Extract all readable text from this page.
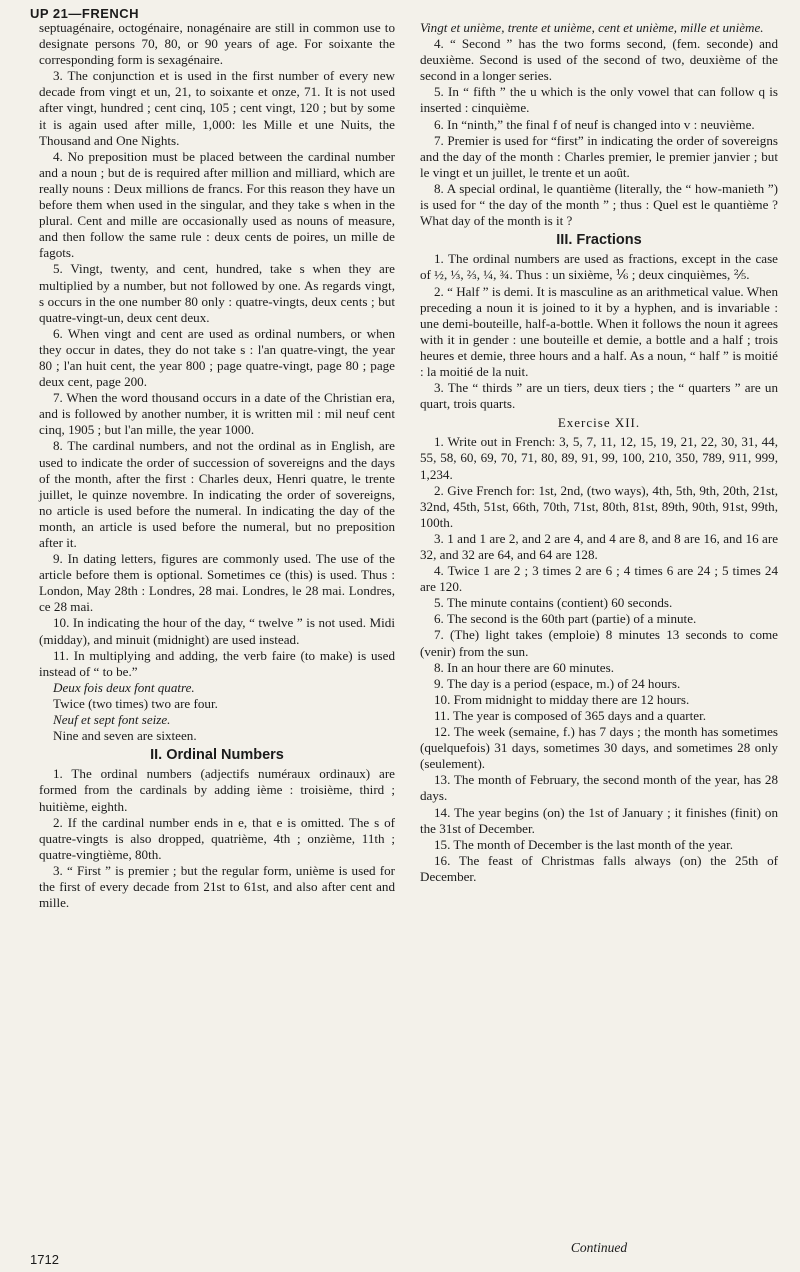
UP 21—FRENCH

septuagénaire, octogénaire, nonagénaire are still in common use to designate persons 70, 80, or 90 years of age. For soixante the corresponding form is sexagénaire.

3. The conjunction et is used in the first number of every new decade from vingt et un, 21, to soixante et onze, 71. It is not used after vingt, hundred ; cent cinq, 105 ; cent vingt, 120 ; but by some it is again used after mille, 1,000: les Mille et une Nuits, the Thousand and One Nights.

4. No preposition must be placed between the cardinal number and a noun ; but de is required after million and milliard, which are really nouns : Deux millions de francs. For this reason they have un before them when used in the singular, and they take s when in the plural. Cent and mille are occasionally used as nouns of measure, and then follow the same rule : deux cents de poires, un mille de fagots.

5. Vingt, twenty, and cent, hundred, take s when they are multiplied by a number, but not followed by one. As regards vingt, s occurs in the one number 80 only : quatre-vingts, deux cents ; but quatre-vingt-un, deux cent deux.

6. When vingt and cent are used as ordinal numbers, or when they occur in dates, they do not take s : l'an quatre-vingt, the year 80 ; l'an huit cent, the year 800 ; page quatre-vingt, page 80 ; page deux cent, page 200.

7. When the word thousand occurs in a date of the Christian era, and is followed by another number, it is written mil : mil neuf cent cinq, 1905 ; but l'an mille, the year 1000.

8. The cardinal numbers, and not the ordinal as in English, are used to indicate the order of succession of sovereigns and the days of the month, after the first : Charles deux, Henri quatre, le trente juillet, le quinze novembre. In indicating the order of sovereigns, no article is used before the numeral. In indicating the day of the month, an article is used before the numeral, but no preposition after it.

9. In dating letters, figures are commonly used. The use of the article before them is optional. Sometimes ce (this) is used. Thus : London, May 28th : Londres, 28 mai. Londres, le 28 mai. Londres, ce 28 mai.

10. In indicating the hour of the day, “ twelve ” is not used. Midi (midday), and minuit (midnight) are used instead.

11. In multiplying and adding, the verb faire (to make) is used instead of “ to be.”

Deux fois deux font quatre.

Twice (two times) two are four.

Neuf et sept font seize.

Nine and seven are sixteen.

II. Ordinal Numbers

1. The ordinal numbers (adjectifs numéraux ordinaux) are formed from the cardinals by adding ième : troisième, third ; huitième, eighth.

2. If the cardinal number ends in e, that e is omitted. The s of quatre-vingts is also dropped, quatrième, 4th ; onzième, 11th ; quatre-vingtième, 80th.

3. “ First ” is premier ; but the regular form, unième is used for the first of every decade from 21st to 61st, and also after cent and mille.

Vingt et unième, trente et unième, cent et unième, mille et unième.

4. “ Second ” has the two forms second, (fem. seconde) and deuxième. Second is used of the second of two, deuxième of the second in a longer series.

5. In “ fifth ” the u which is the only vowel that can follow q is inserted : cinquième.

6. In “ninth,” the final f of neuf is changed into v : neuvième.

7. Premier is used for “first” in indicating the order of sovereigns and the day of the month : Charles premier, le premier janvier ; but le vingt et un juillet, le trente et un août.

8. A special ordinal, le quantième (literally, the “ how-manieth ”) is used for “ the day of the month ” ; thus : Quel est le quantième ? What day of the month is it ?

III. Fractions

1. The ordinal numbers are used as fractions, except in the case of ½, ⅓, ⅔, ¼, ¾. Thus : un sixième, ⅙ ; deux cinquièmes, ⅖.

2. “ Half ” is demi. It is masculine as an arithmetical value. When preceding a noun it is joined to it by a hyphen, and is invariable : une demi-bouteille, half-a-bottle. When it follows the noun it agrees with it in gender : une bouteille et demie, a bottle and a half ; trois heures et demie, three hours and a half. As a noun, “ half ” is moitié : la moitié de la nuit.

3. The “ thirds ” are un tiers, deux tiers ; the “ quarters ” are un quart, trois quarts.

Exercise XII.

1. Write out in French: 3, 5, 7, 11, 12, 15, 19, 21, 22, 30, 31, 44, 55, 58, 60, 69, 70, 71, 80, 89, 91, 99, 100, 210, 350, 789, 911, 999, 1,234.

2. Give French for: 1st, 2nd, (two ways), 4th, 5th, 9th, 20th, 21st, 32nd, 45th, 51st, 66th, 70th, 71st, 80th, 81st, 89th, 90th, 91st, 99th, 100th.

3. 1 and 1 are 2, and 2 are 4, and 4 are 8, and 8 are 16, and 16 are 32, and 32 are 64, and 64 are 128.

4. Twice 1 are 2 ; 3 times 2 are 6 ; 4 times 6 are 24 ; 5 times 24 are 120.

5. The minute contains (contient) 60 seconds.

6. The second is the 60th part (partie) of a minute.

7. (The) light takes (emploie) 8 minutes 13 seconds to come (venir) from the sun.

8. In an hour there are 60 minutes.

9. The day is a period (espace, m.) of 24 hours.

10. From midnight to midday there are 12 hours.

11. The year is composed of 365 days and a quarter.

12. The week (semaine, f.) has 7 days ; the month has sometimes (quelquefois) 31 days, sometimes 30 days, and sometimes 28 only (seulement).

13. The month of February, the second month of the year, has 28 days.

14. The year begins (on) the 1st of January ; it finishes (finit) on the 31st of December.

15. The month of December is the last month of the year.

16. The feast of Christmas falls always (on) the 25th of December.

Continued
1712
